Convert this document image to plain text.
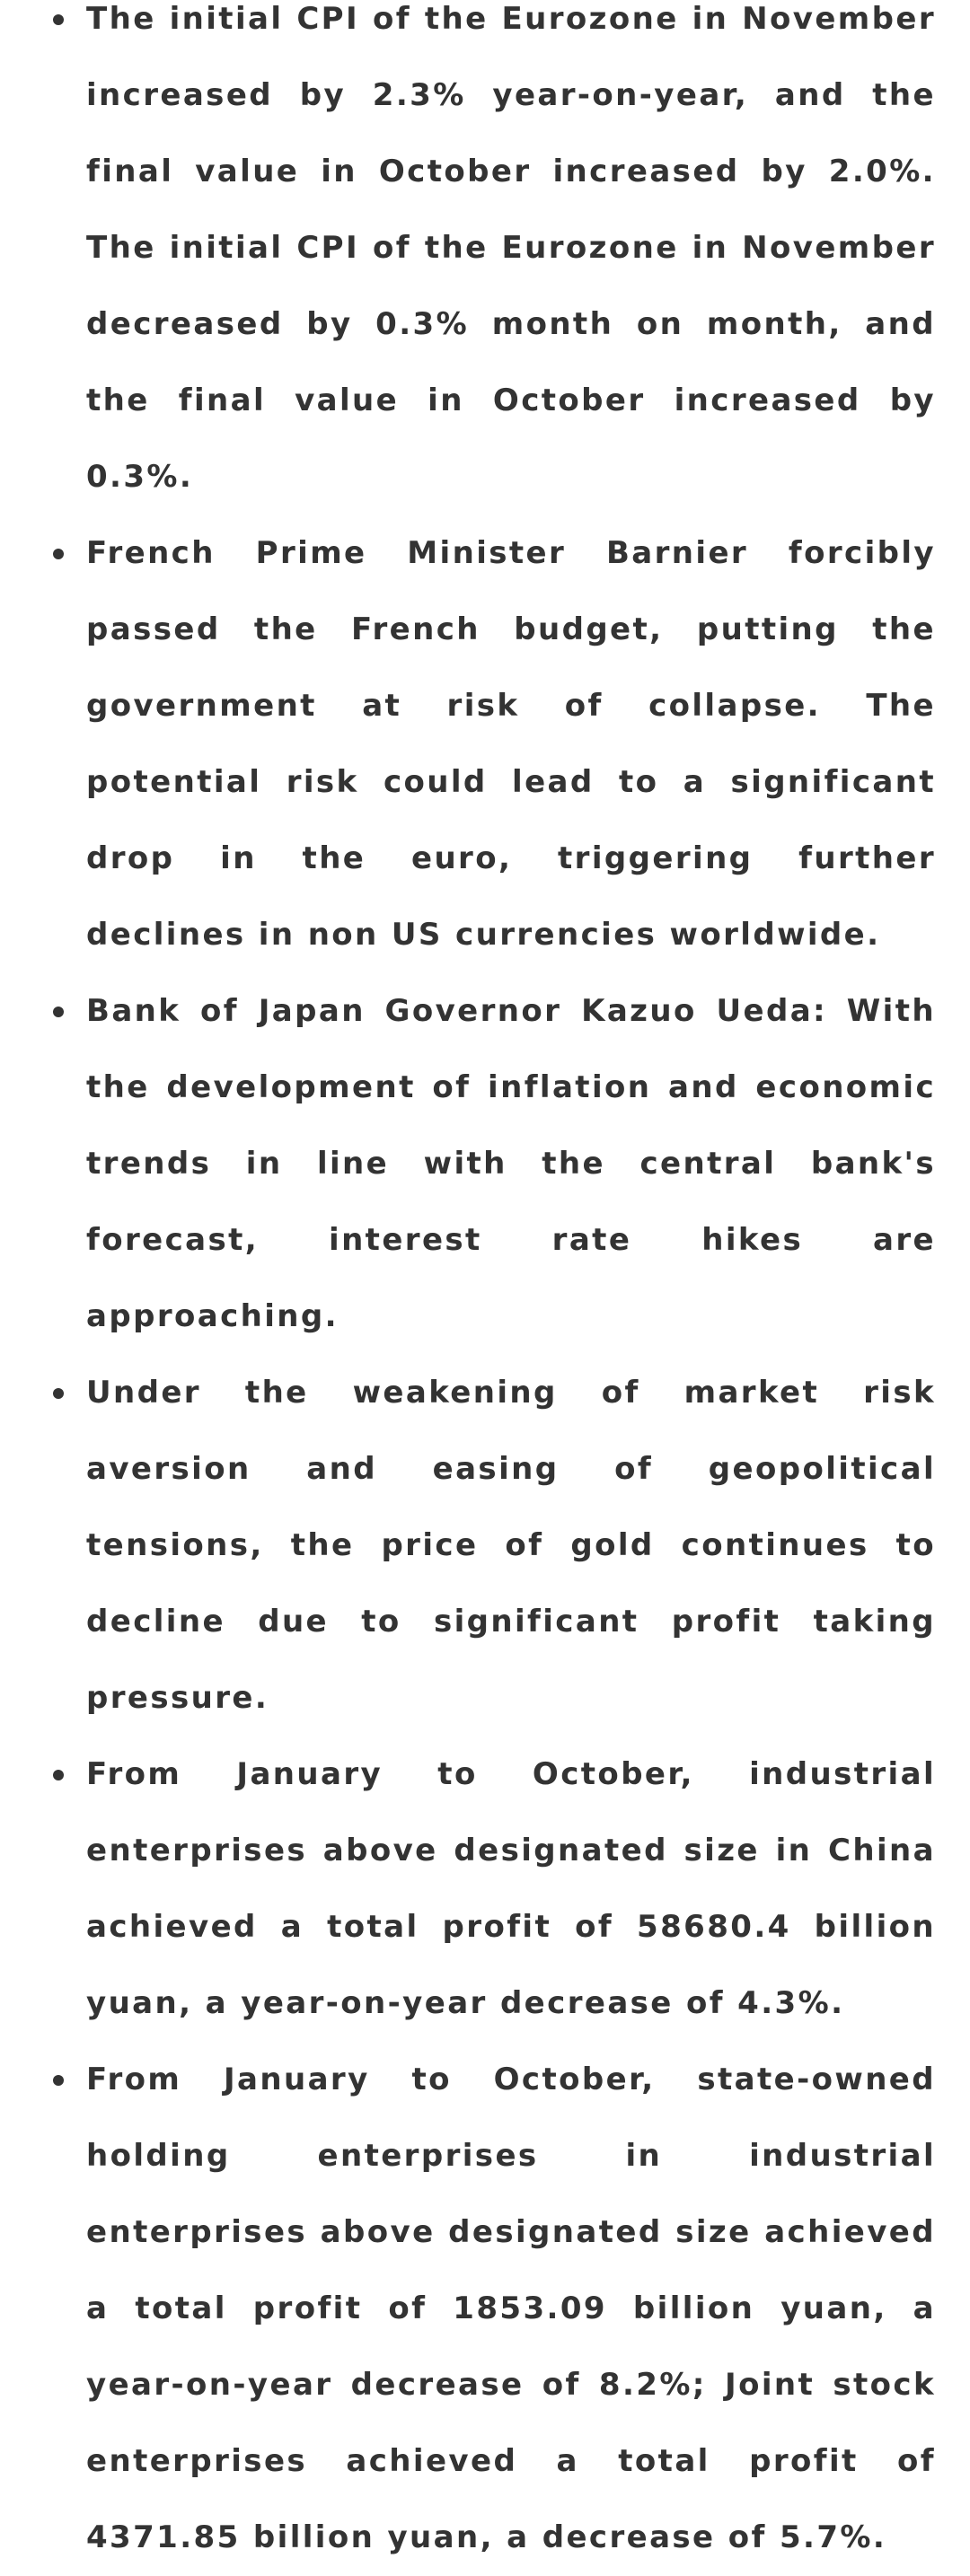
The initial CPI of the Eurozone in November increased by 2.3% year-on-year, and the final value in October increased by 2.0%. The initial CPI of the Eurozone in November decreased by 0.3% month on month, and the final value in October increased by 0.3%.
French Prime Minister Barnier forcibly passed the French budget, putting the government at risk of collapse. The potential risk could lead to a significant drop in the euro, triggering further declines in non US currencies worldwide.
Bank of Japan Governor Kazuo Ueda: With the development of inflation and economic trends in line with the central bank's forecast, interest rate hikes are approaching.
Under the weakening of market risk aversion and easing of geopolitical tensions, the price of gold continues to decline due to significant profit taking pressure.
From January to October, industrial enterprises above designated size in China achieved a total profit of 58680.4 billion yuan, a year-on-year decrease of 4.3%.
From January to October, state-owned holding enterprises in industrial enterprises above designated size achieved a total profit of 1853.09 billion yuan, a year-on-year decrease of 8.2%; Joint stock enterprises achieved a total profit of 4371.85 billion yuan, a decrease of 5.7%.
